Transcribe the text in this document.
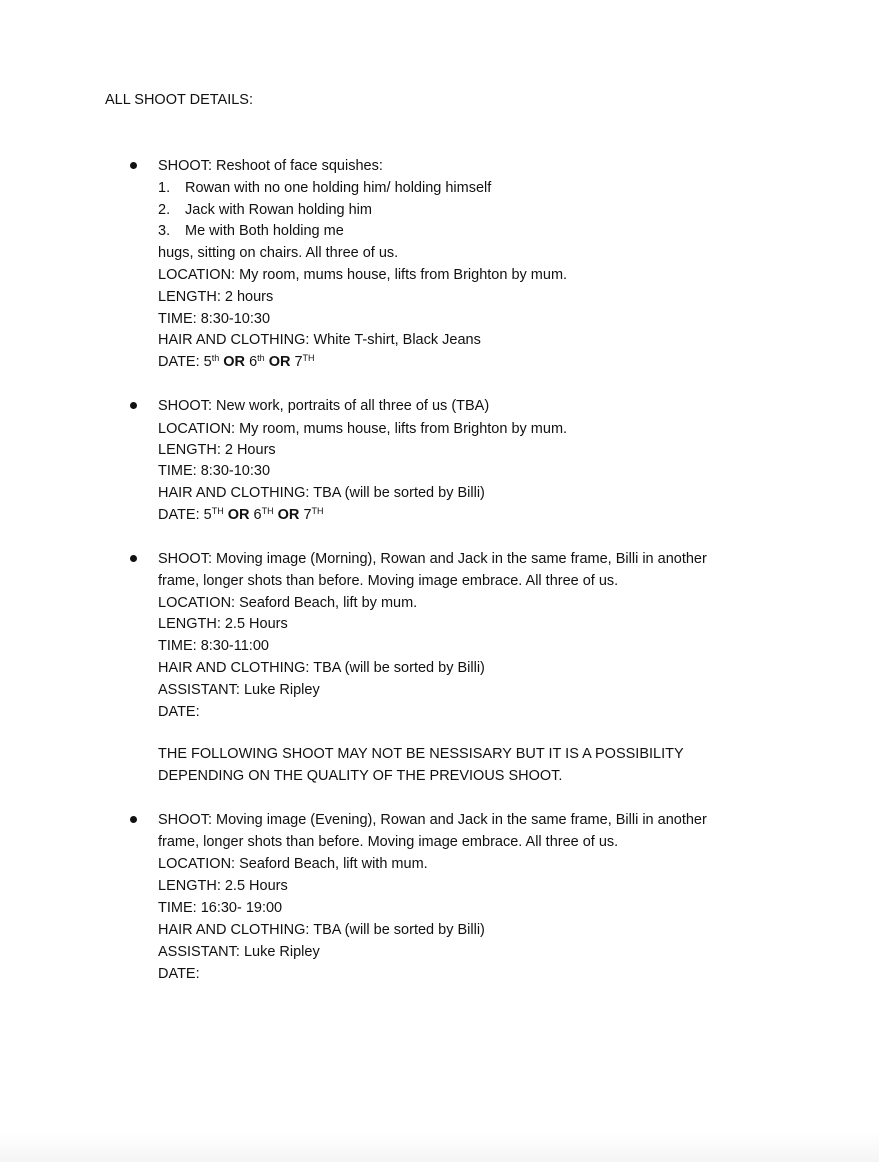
ALL SHOOT DETAILS:
SHOOT: Reshoot of face squishes:
1. Rowan with no one holding him/ holding himself
2. Jack with Rowan holding him
3. Me with Both holding me
hugs, sitting on chairs. All three of us.
LOCATION: My room, mums house, lifts from Brighton by mum.
LENGTH: 2 hours
TIME: 8:30-10:30
HAIR AND CLOTHING: White T-shirt, Black Jeans
DATE: 5th OR 6th OR 7TH
SHOOT: New work, portraits of all three of us (TBA)
LOCATION: My room, mums house, lifts from Brighton by mum.
LENGTH: 2 Hours
TIME: 8:30-10:30
HAIR AND CLOTHING: TBA (will be sorted by Billi)
DATE: 5TH OR 6TH OR 7TH
SHOOT: Moving image (Morning), Rowan and Jack in the same frame, Billi in another
frame, longer shots than before. Moving image embrace. All three of us.
LOCATION: Seaford Beach, lift by mum.
LENGTH: 2.5 Hours
TIME: 8:30-11:00
HAIR AND CLOTHING: TBA (will be sorted by Billi)
ASSISTANT: Luke Ripley
DATE:
THE FOLLOWING SHOOT MAY NOT BE NESSISARY BUT IT IS A POSSIBILITY
DEPENDING ON THE QUALITY OF THE PREVIOUS SHOOT.
SHOOT: Moving image (Evening), Rowan and Jack in the same frame, Billi in another
frame, longer shots than before. Moving image embrace. All three of us.
LOCATION: Seaford Beach, lift with mum.
LENGTH: 2.5 Hours
TIME: 16:30- 19:00
HAIR AND CLOTHING: TBA (will be sorted by Billi)
ASSISTANT: Luke Ripley
DATE:
